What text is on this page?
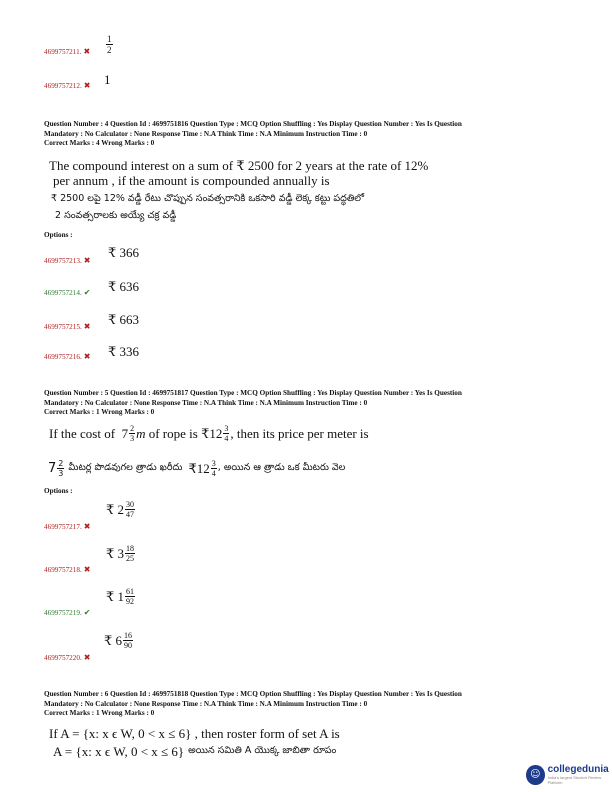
4699757211. ✖ $\frac{1}{2}$
4699757212. ✖ 1
Question Number : 4 Question Id : 4699751816 Question Type : MCQ Option Shuffling : Yes Display Question Number : Yes Is Question
Mandatory : No Calculator : None Response Time : N.A Think Time : N.A Minimum Instruction Time : 0
Correct Marks : 4 Wrong Marks : 0
The compound interest on a sum of ₹ 2500 for 2 years at the rate of 12%
per annum , if the amount is compounded annually is
₹ 2500 లపై 12% వడ్డీ రేటు చొప్పున సంవత్సరానికి ఒకసారి వడ్డీ లెక్క కట్టు పద్ధతిలో
2 సంవత్సరాలకు అయ్యే చక్ర వడ్డీ
Options :
4699757213. ✖
₹ 366
4699757214. ✔ ₹ 636
4699757215. ✖ ₹ 663
4699757216. ✖ ₹ 336
Question Number : 5 Question Id : 4699751817 Question Type : MCQ Option Shuffling : Yes Display Question Number : Yes Is Question
Mandatory : No Calculator : None Response Time : N.A Think Time : N.A Minimum Instruction Time : 0
Correct Marks : 1 Wrong Marks : 0
If the cost of
$7 \frac{2}{3}$ m
of rope is
₹12 $\frac{3}{4}$ , then its price per meter is
$7 \frac{2}{3}$
మీటర్ల పొడవుగల త్రాడు ఖరీదు
₹12 $\frac{3}{4}$ , అయిన ఆ త్రాడు ఒక మీటరు వెల
Options :
₹ $2 \frac{30}{47}$
4699757217. ✖
₹ $3 \frac{18}{25}$
4699757218. ✖
₹ $1 \frac{61}{92}$
4699757219. ✔
₹ $6 \frac{16}{90}$
4699757220. ✖
Question Number : 6 Question Id : 4699751818 Question Type : MCQ Option Shuffling : Yes Display Question Number : Yes Is Question
Mandatory : No Calculator : None Response Time : N.A Think Time : N.A Minimum Instruction Time : 0
Correct Marks : 1 Wrong Marks : 0
If A = {x: x ϵ W, 0 < x ≤ 6} , then roster form of set A is
A = {x: x ϵ W, 0 < x ≤ 6}
అయిన సమితి A యొక్క జాబితా రూపం
☺ collegedunia
India's largest Student Review Platform
